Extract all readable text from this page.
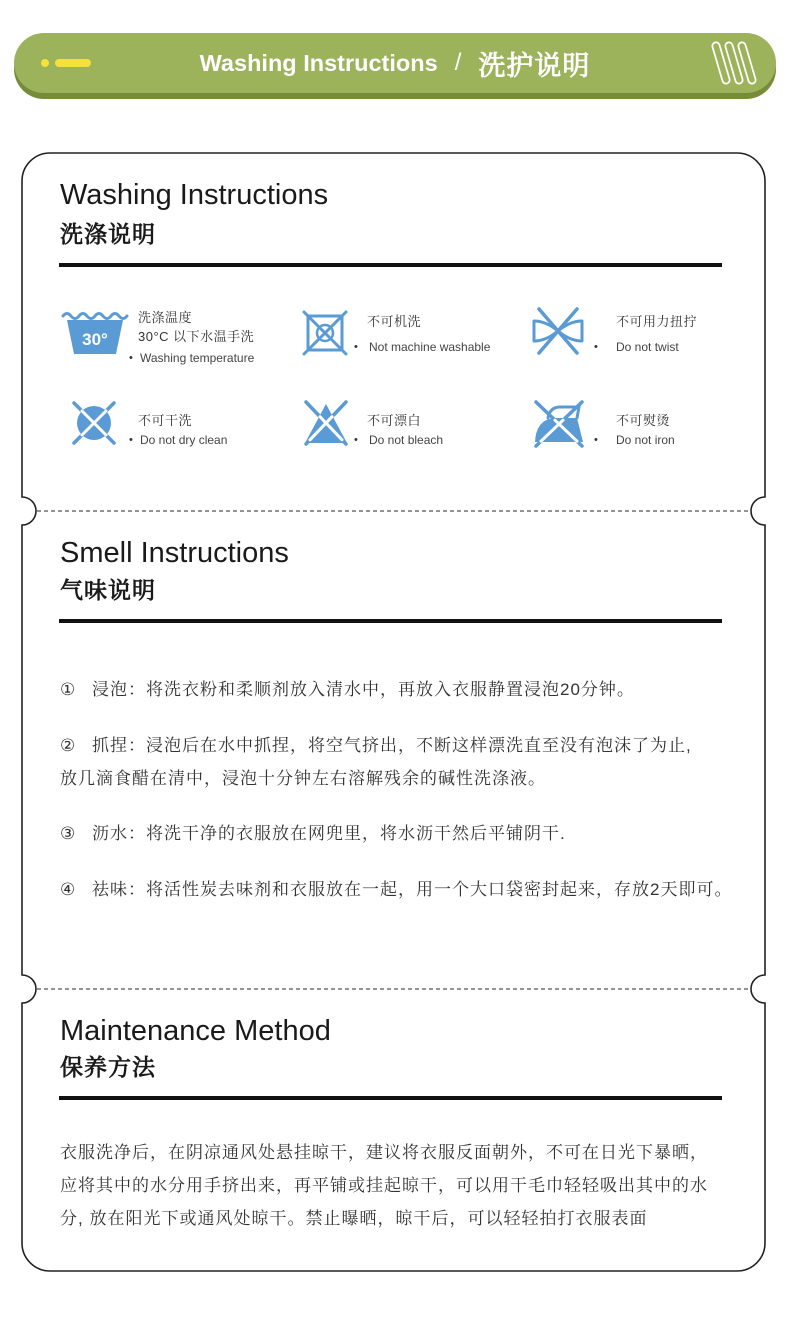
Washing Instructions / 洗护说明
Washing Instructions
洗涤说明
30°
洗涤温度
30°C 以下水温手洗
• Washing temperature
不可机洗
• Not machine washable
不可用力扭拧
• Do not twist
不可干洗
• Do not dry clean
不可漂白
• Do not bleach
不可熨烫
• Do not iron
Smell Instructions
气味说明
① 浸泡：将洗衣粉和柔顺剂放入清水中，再放入衣服静置浸泡20分钟。
② 抓捏：浸泡后在水中抓捏，将空气挤出，不断这样漂洗直至没有泡沫了为止,
放几滴食醋在清中，浸泡十分钟左右溶解残余的碱性洗涤液。
③ 沥水：将洗干净的衣服放在网兜里，将水沥干然后平铺阴干.
④ 祛味：将活性炭去味剂和衣服放在一起，用一个大口袋密封起来，存放2天即可。
Maintenance Method
保养方法
衣服洗净后，在阴凉通风处悬挂晾干，建议将衣服反面朝外，不可在日光下暴晒，
应将其中的水分用手挤出来，再平铺或挂起晾干，可以用干毛巾轻轻吸出其中的水
分, 放在阳光下或通风处晾干。禁止曝晒，晾干后，可以轻轻拍打衣服表面
